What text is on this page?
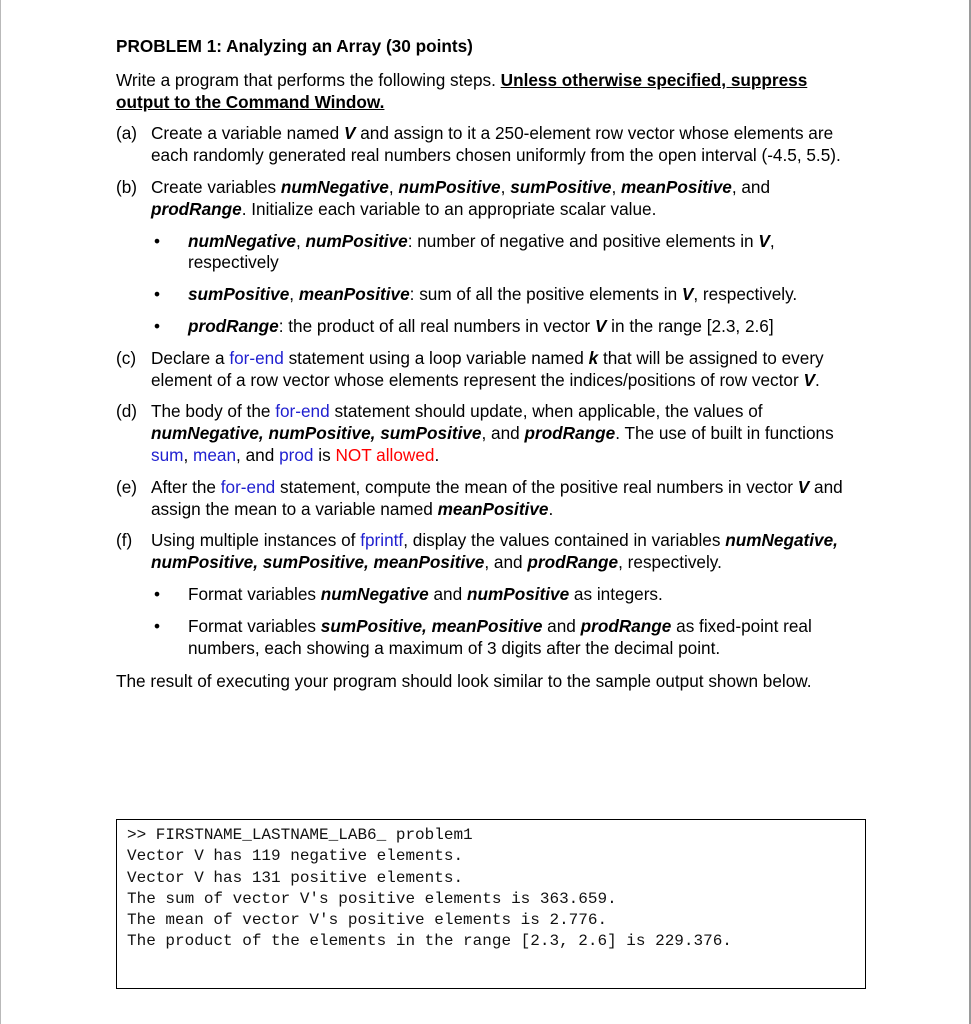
PROBLEM 1: Analyzing an Array (30 points)
Write a program that performs the following steps. Unless otherwise specified, suppress output to the Command Window.
(a) Create a variable named V and assign to it a 250-element row vector whose elements are each randomly generated real numbers chosen uniformly from the open interval (-4.5, 5.5).
(b) Create variables numNegative, numPositive, sumPositive, meanPositive, and prodRange. Initialize each variable to an appropriate scalar value.
• numNegative, numPositive: number of negative and positive elements in V, respectively
• sumPositive, meanPositive: sum of all the positive elements in V, respectively.
• prodRange: the product of all real numbers in vector V in the range [2.3, 2.6]
(c) Declare a for-end statement using a loop variable named k that will be assigned to every element of a row vector whose elements represent the indices/positions of row vector V.
(d) The body of the for-end statement should update, when applicable, the values of numNegative, numPositive, sumPositive, and prodRange. The use of built in functions sum, mean, and prod is NOT allowed.
(e) After the for-end statement, compute the mean of the positive real numbers in vector V and assign the mean to a variable named meanPositive.
(f) Using multiple instances of fprintf, display the values contained in variables numNegative, numPositive, sumPositive, meanPositive, and prodRange, respectively.
• Format variables numNegative and numPositive as integers.
• Format variables sumPositive, meanPositive and prodRange as fixed-point real numbers, each showing a maximum of 3 digits after the decimal point.
The result of executing your program should look similar to the sample output shown below.
>> FIRSTNAME_LASTNAME_LAB6_ problem1
Vector V has 119 negative elements.
Vector V has 131 positive elements.
The sum of vector V's positive elements is 363.659.
The mean of vector V's positive elements is 2.776.
The product of the elements in the range [2.3, 2.6] is 229.376.
